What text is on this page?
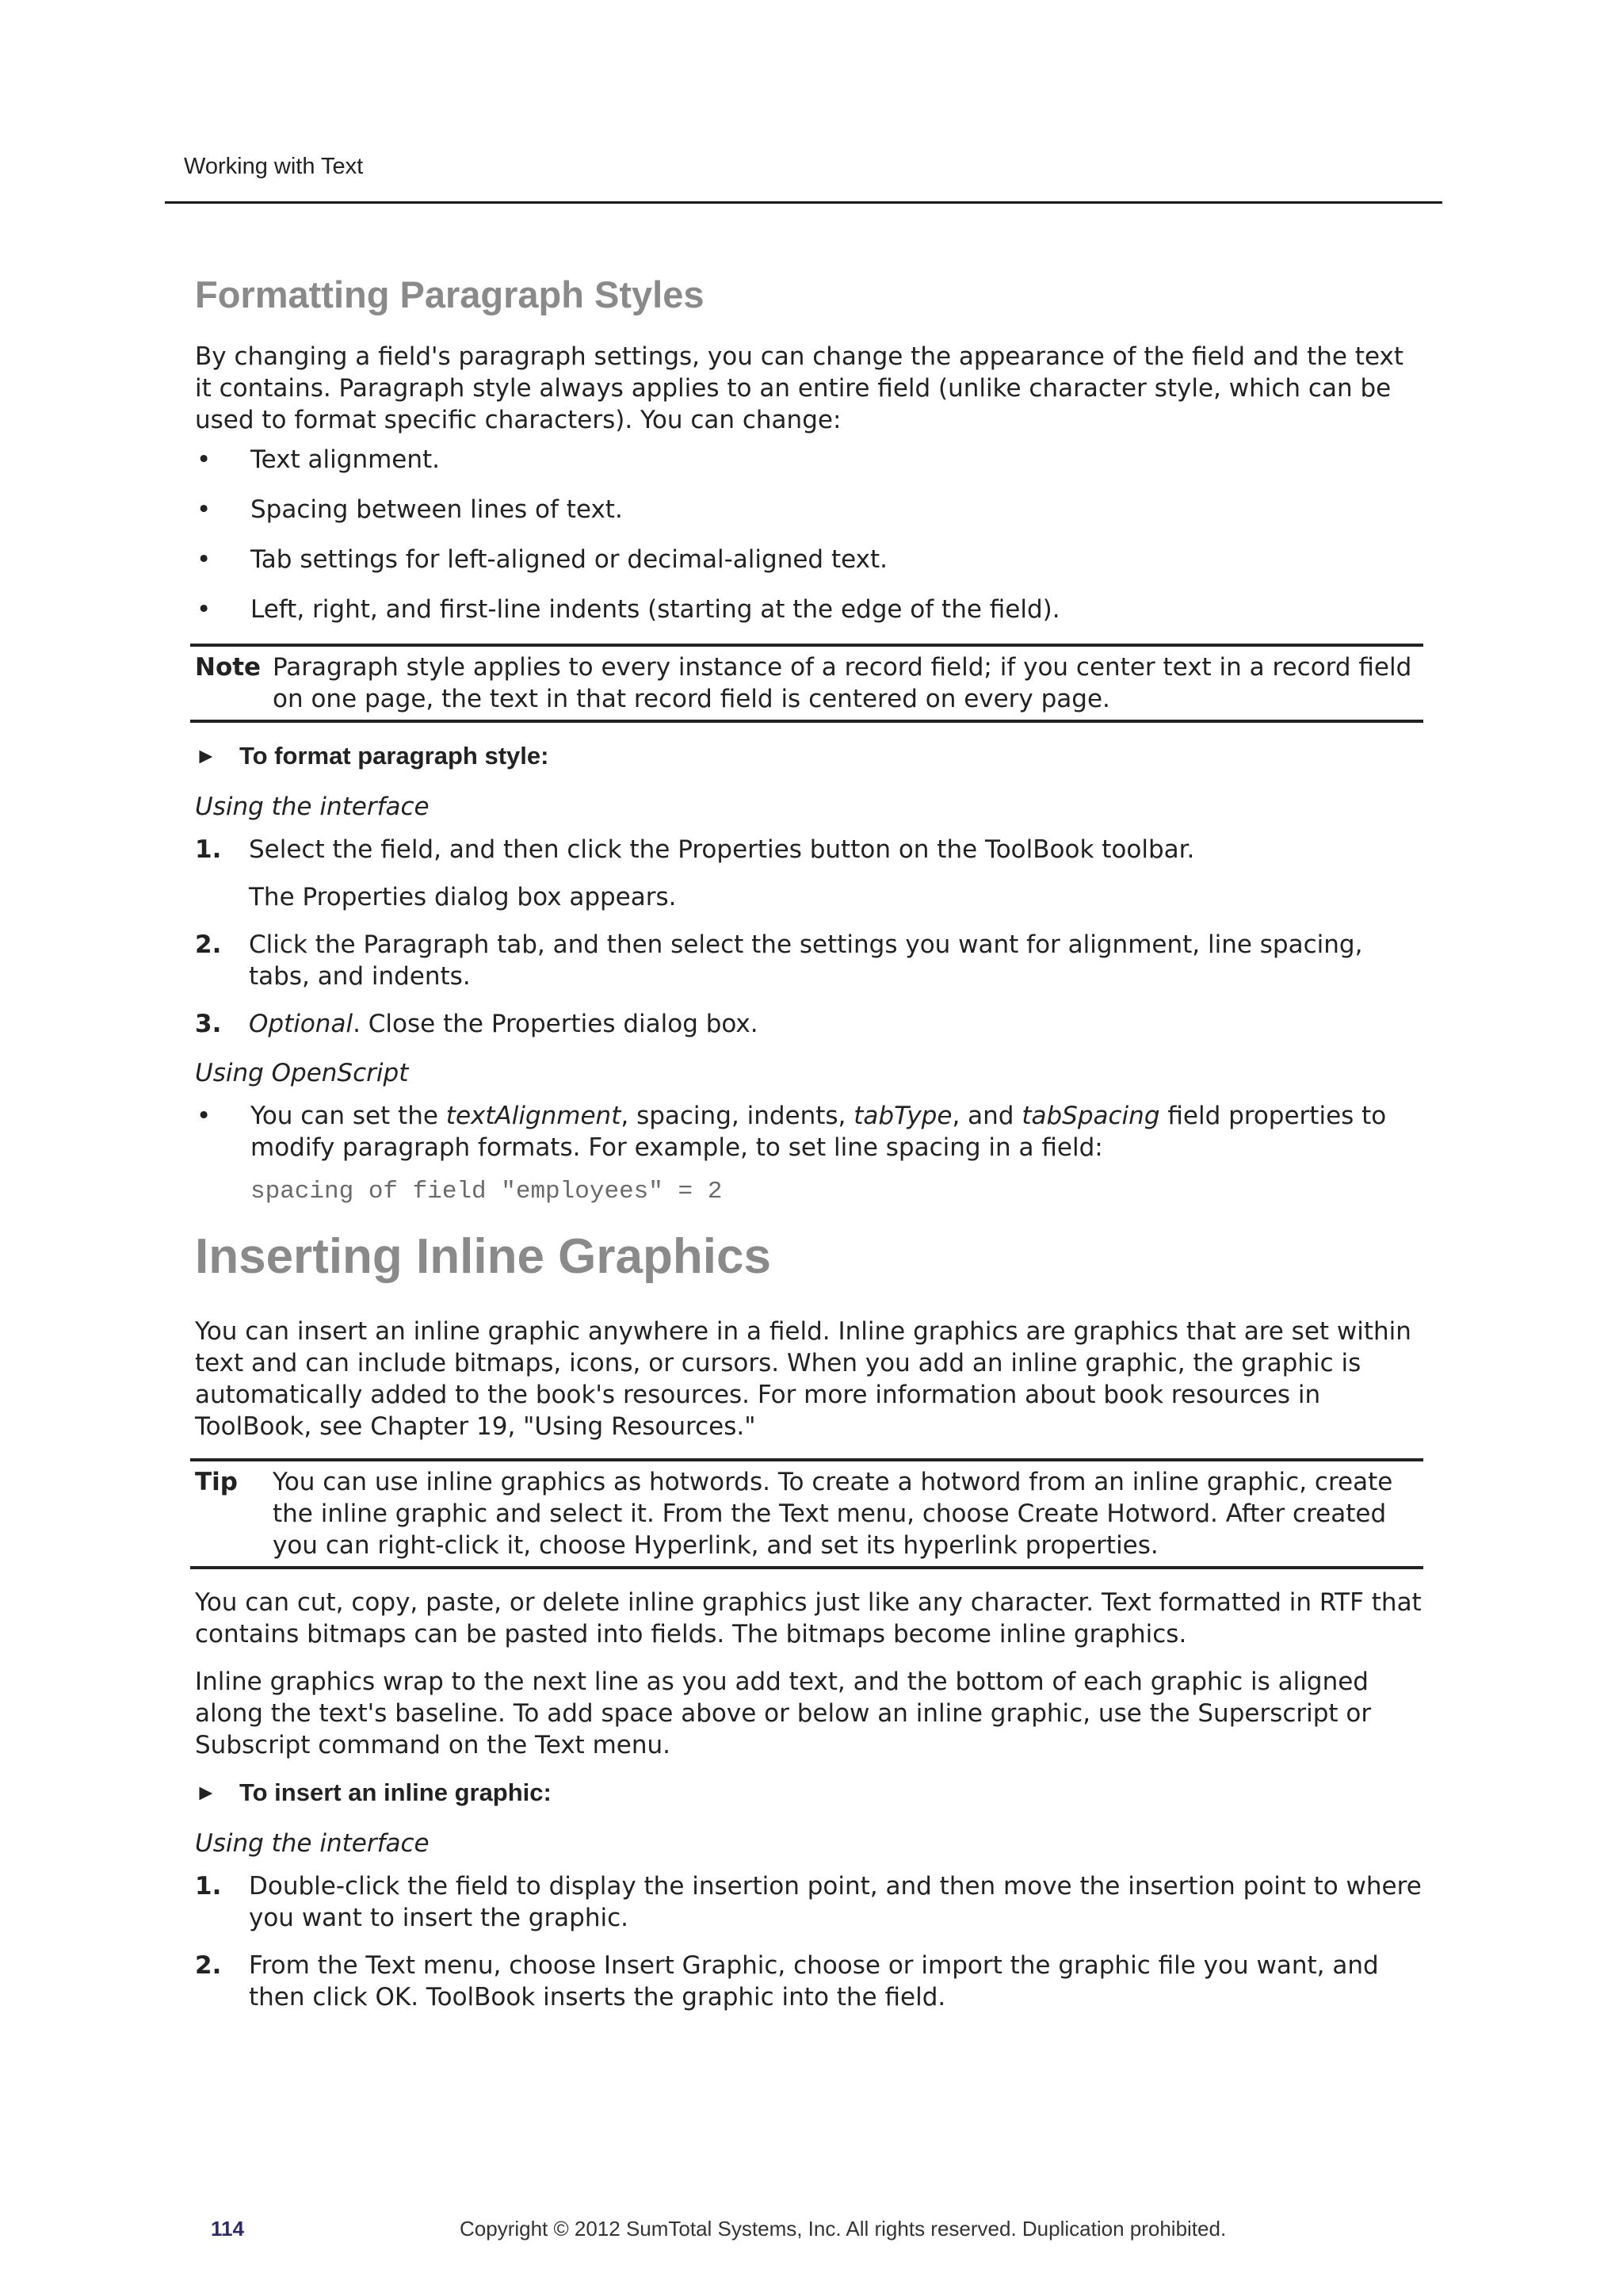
Working with Text
Formatting Paragraph Styles

By changing a field's paragraph settings, you can change the appearance of the field and the text it contains. Paragraph style always applies to an entire field (unlike character style, which can be used to format specific characters). You can change:

• Text alignment.
• Spacing between lines of text.
• Tab settings for left-aligned or decimal-aligned text.
• Left, right, and first-line indents (starting at the edge of the field).
Note Paragraph style applies to every instance of a record field; if you center text in a record field on one page, the text in that record field is centered on every page.
► To format paragraph style:
Using the interface
1.	Select the field, and then click the Properties button on the ToolBook toolbar.
The Properties dialog box appears.
2.	Click the Paragraph tab, and then select the settings you want for alignment, line spacing, tabs, and indents.
3.	Optional. Close the Properties dialog box.
Using OpenScript
• You can set the textAlignment, spacing, indents, tabType, and tabSpacing field properties to modify paragraph formats. For example, to set line spacing in a field:
spacing of field "employees" = 2
Inserting Inline Graphics

You can insert an inline graphic anywhere in a field. Inline graphics are graphics that are set within text and can include bitmaps, icons, or cursors. When you add an inline graphic, the graphic is automatically added to the book's resources. For more information about book resources in ToolBook, see Chapter 19, "Using Resources."

Tip	You can use inline graphics as hotwords. To create a hotword from an inline graphic, create the inline graphic and select it. From the Text menu, choose Create Hotword. After created you can right-click it, choose Hyperlink, and set its hyperlink properties.

You can cut, copy, paste, or delete inline graphics just like any character. Text formatted in RTF that contains bitmaps can be pasted into fields. The bitmaps become inline graphics.

Inline graphics wrap to the next line as you add text, and the bottom of each graphic is aligned along the text's baseline. To add space above or below an inline graphic, use the Superscript or Subscript command on the Text menu.

► To insert an inline graphic:
Using the interface
1.	Double-click the field to display the insertion point, and then move the insertion point to where you want to insert the graphic.
2.	From the Text menu, choose Insert Graphic, choose or import the graphic file you want, and then click OK. ToolBook inserts the graphic into the field.
114	Copyright © 2012 SumTotal Systems, Inc. All rights reserved. Duplication prohibited.
